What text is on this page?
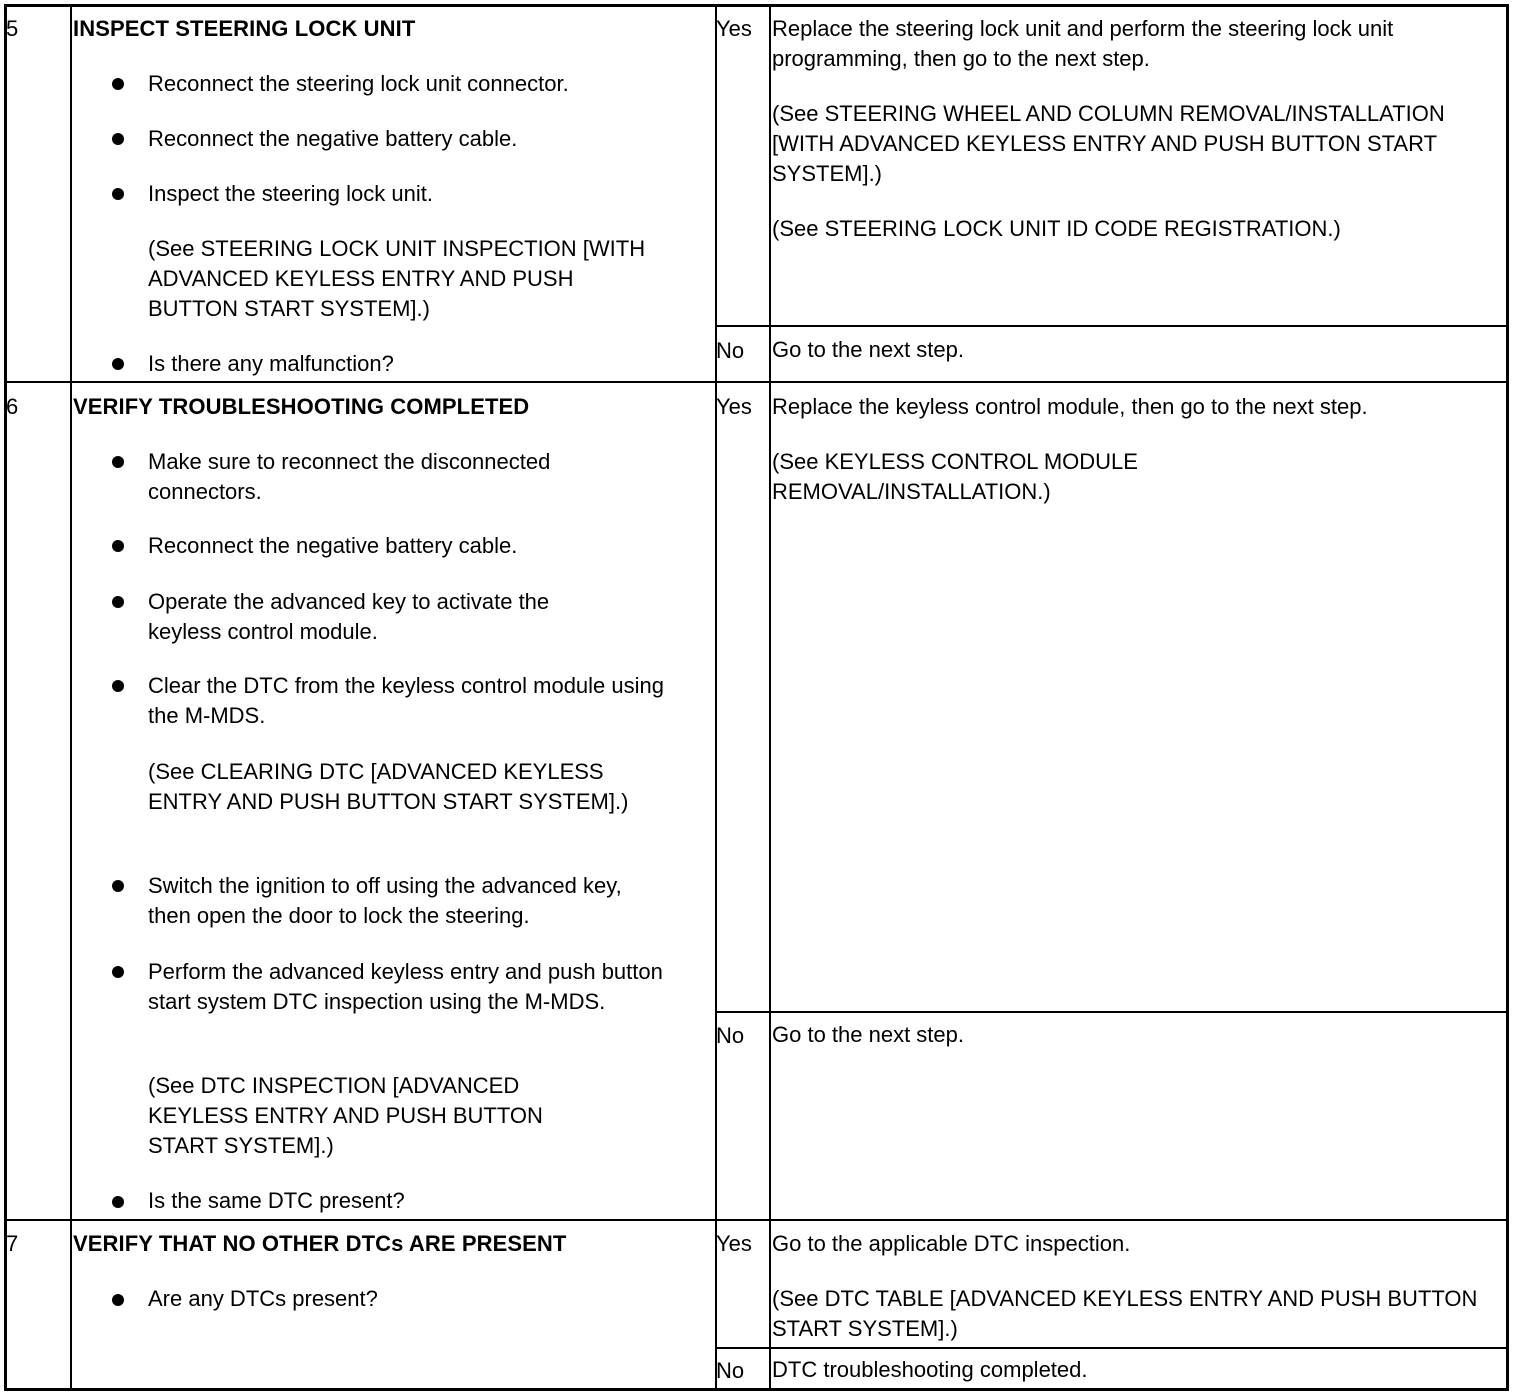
5 INSPECT STEERING LOCK UNIT
Reconnect the steering lock unit connector.
Reconnect the negative battery cable.
Inspect the steering lock unit.
(See STEERING LOCK UNIT INSPECTION [WITH ADVANCED KEYLESS ENTRY AND PUSH BUTTON START SYSTEM].)
Is there any malfunction?
Yes Replace the steering lock unit and perform the steering lock unit programming, then go to the next step.
(See STEERING WHEEL AND COLUMN REMOVAL/INSTALLATION [WITH ADVANCED KEYLESS ENTRY AND PUSH BUTTON START SYSTEM].)
(See STEERING LOCK UNIT ID CODE REGISTRATION.)
No Go to the next step.
6 VERIFY TROUBLESHOOTING COMPLETED
Make sure to reconnect the disconnected connectors.
Reconnect the negative battery cable.
Operate the advanced key to activate the keyless control module.
Clear the DTC from the keyless control module using the M-MDS.
(See CLEARING DTC [ADVANCED KEYLESS ENTRY AND PUSH BUTTON START SYSTEM].)
Switch the ignition to off using the advanced key, then open the door to lock the steering.
Perform the advanced keyless entry and push button start system DTC inspection using the M-MDS.
(See DTC INSPECTION [ADVANCED KEYLESS ENTRY AND PUSH BUTTON START SYSTEM].)
Is the same DTC present?
Yes Replace the keyless control module, then go to the next step.
(See KEYLESS CONTROL MODULE REMOVAL/INSTALLATION.)
No Go to the next step.
7 VERIFY THAT NO OTHER DTCs ARE PRESENT
Are any DTCs present?
Yes Go to the applicable DTC inspection.
(See DTC TABLE [ADVANCED KEYLESS ENTRY AND PUSH BUTTON START SYSTEM].)
No DTC troubleshooting completed.
